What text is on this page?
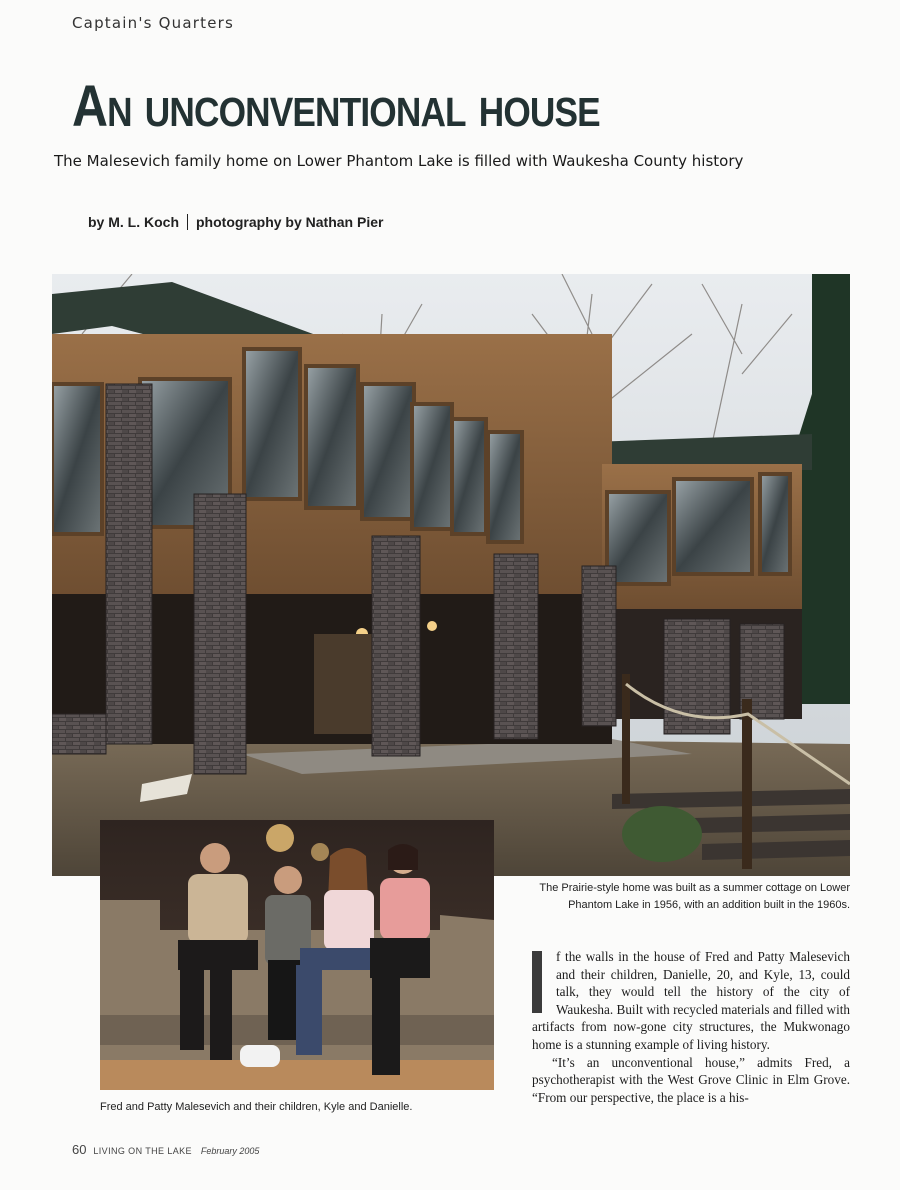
Captain's Quarters
An unconventional house
The Malesevich family home on Lower Phantom Lake is filled with Waukesha County history
by M. L. Koch photography by Nathan Pier
The Prairie-style home was built as a summer cottage on Lower Phantom Lake in 1956, with an addition built in the 1960s.
Fred and Patty Malesevich and their children, Kyle and Danielle.

f the walls in the house of Fred and Patty Malesevich and their children, Danielle, 20, and Kyle, 13, could talk, they would tell the history of the city of Waukesha. Built with recycled materials and filled with artifacts from now-gone city structures, the Mukwonago home is a stunning example of living history.

“It’s an unconventional house,” admits Fred, a psychotherapist with the West Grove Clinic in Elm Grove. “From our perspective, the place is a his-

60 LIVING ON THE LAKE February 2005
